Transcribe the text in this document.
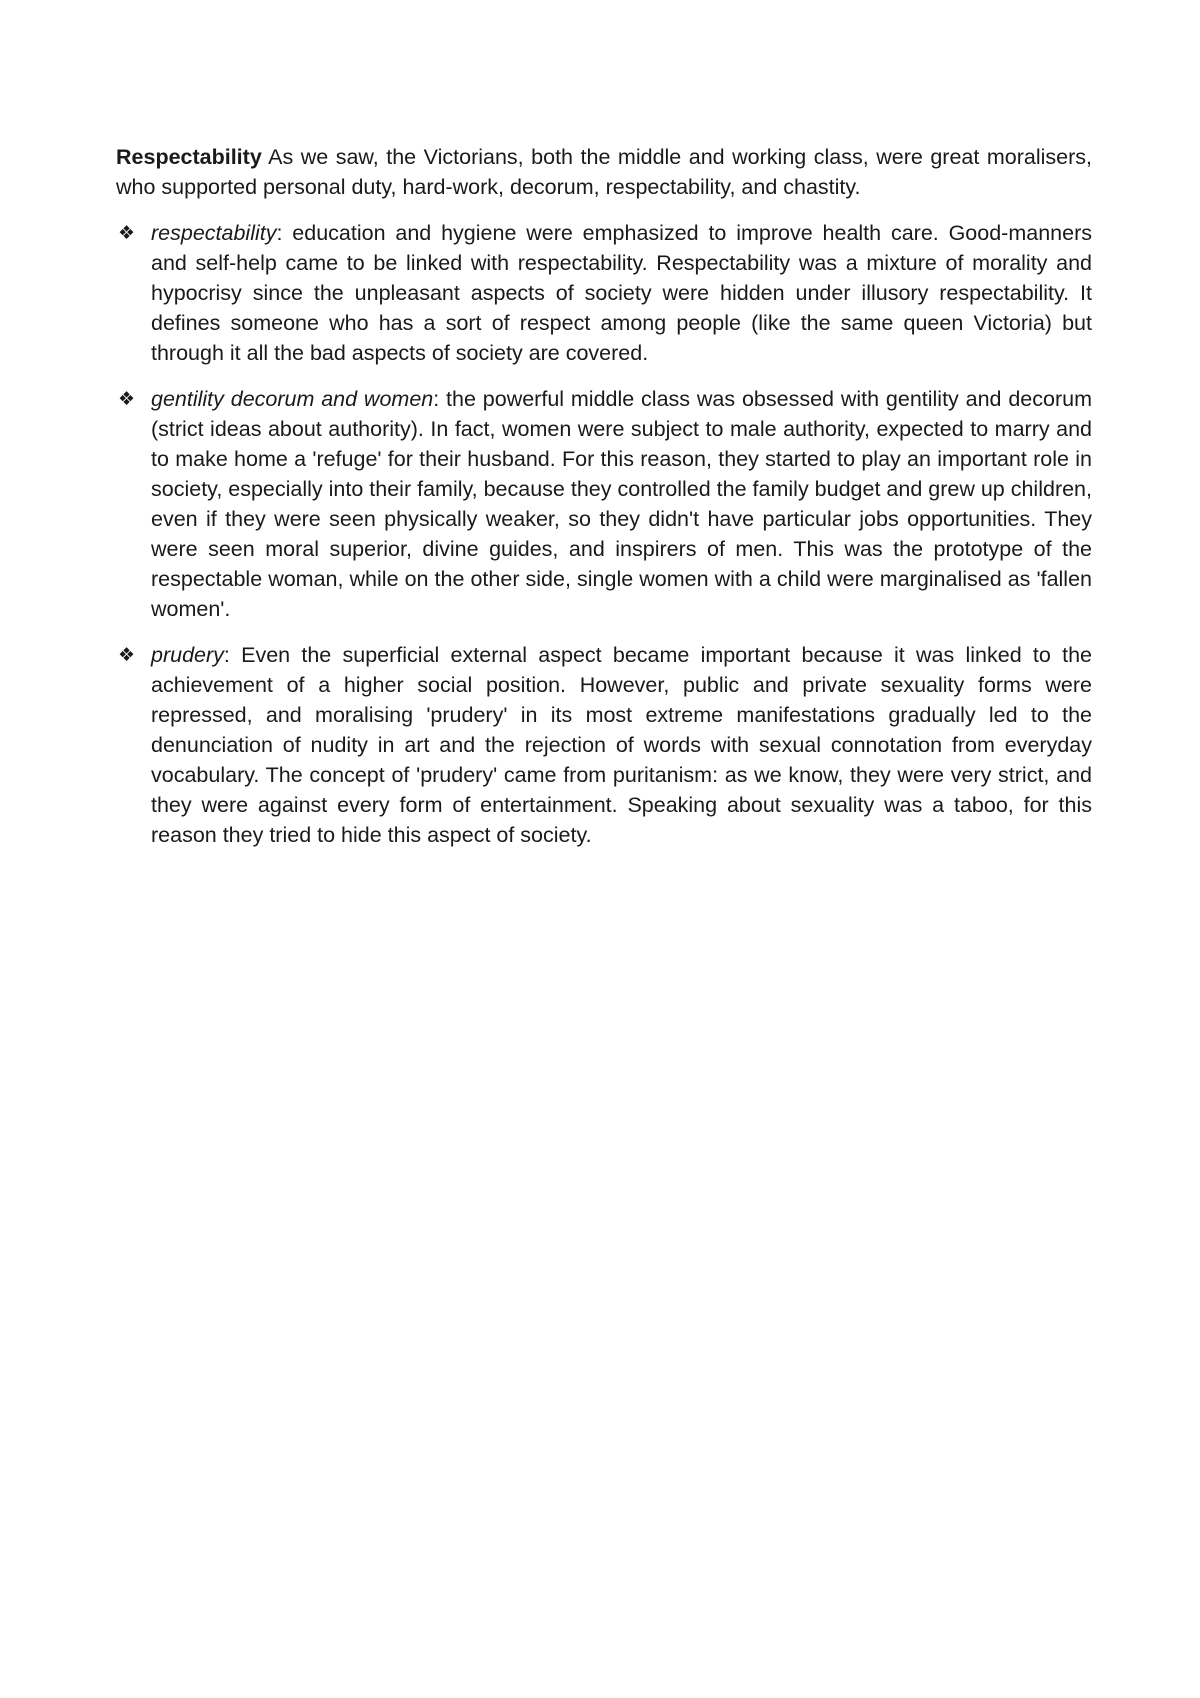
Respectability As we saw, the Victorians, both the middle and working class, were great moralisers, who supported personal duty, hard-work, decorum, respectability, and chastity.

❖ respectability: education and hygiene were emphasized to improve health care. Good-manners and self-help came to be linked with respectability. Respectability was a mixture of morality and hypocrisy since the unpleasant aspects of society were hidden under illusory respectability. It defines someone who has a sort of respect among people (like the same queen Victoria) but through it all the bad aspects of society are covered.
❖ gentility decorum and women: the powerful middle class was obsessed with gentility and decorum (strict ideas about authority). In fact, women were subject to male authority, expected to marry and to make home a 'refuge' for their husband. For this reason, they started to play an important role in society, especially into their family, because they controlled the family budget and grew up children, even if they were seen physically weaker, so they didn't have particular jobs opportunities. They were seen moral superior, divine guides, and inspirers of men. This was the prototype of the respectable woman, while on the other side, single women with a child were marginalised as 'fallen women'.
❖ prudery: Even the superficial external aspect became important because it was linked to the achievement of a higher social position. However, public and private sexuality forms were repressed, and moralising 'prudery' in its most extreme manifestations gradually led to the denunciation of nudity in art and the rejection of words with sexual connotation from everyday vocabulary. The concept of 'prudery' came from puritanism: as we know, they were very strict, and they were against every form of entertainment. Speaking about sexuality was a taboo, for this reason they tried to hide this aspect of society.
